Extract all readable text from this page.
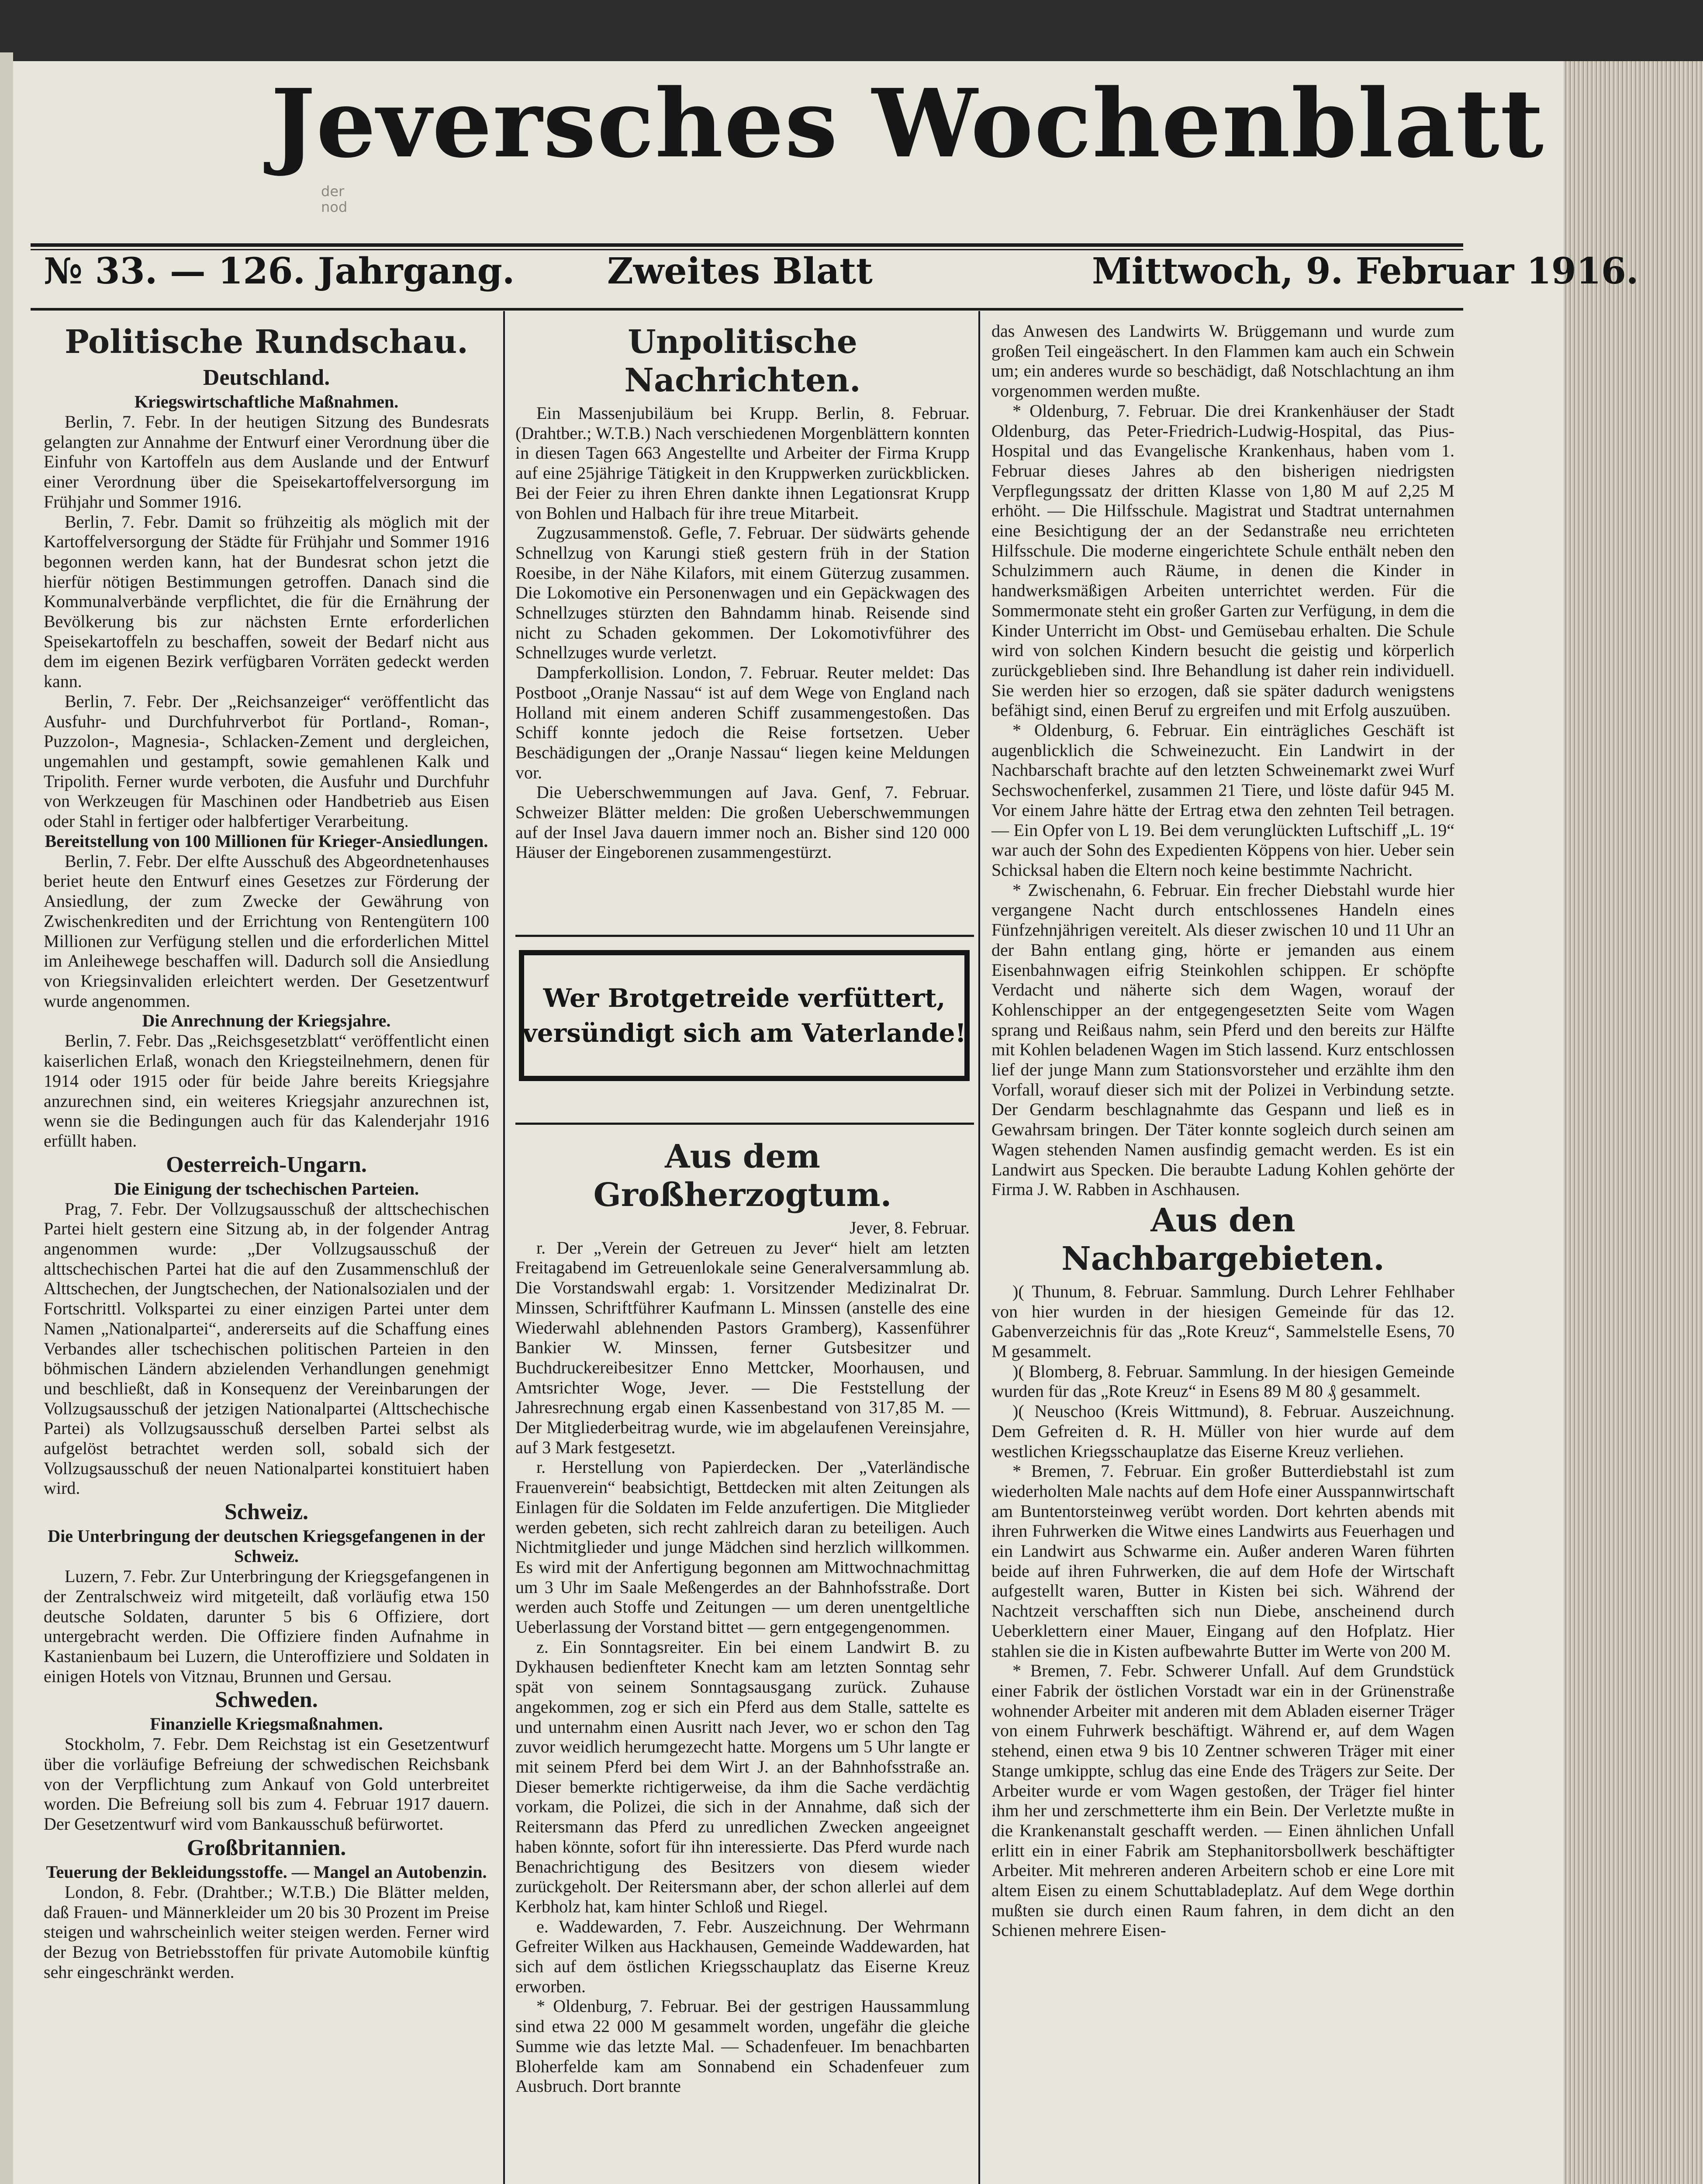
Jeversches Wochenblatt
der
nod
№ 33. — 126. Jahrgang.	Zweites Blatt	Mittwoch, 9. Februar 1916.
Politische Rundschau.
Deutschland.
Kriegswirtschaftliche Maßnahmen.

Berlin, 7. Febr. In der heutigen Sitzung des Bundesrats gelangten zur Annahme der Entwurf einer Verordnung über die Einfuhr von Kartoffeln aus dem Auslande und der Entwurf einer Verordnung über die Speisekartoffelversorgung im Frühjahr und Sommer 1916.

Berlin, 7. Febr. Damit so frühzeitig als möglich mit der Kartoffelversorgung der Städte für Frühjahr und Sommer 1916 begonnen werden kann, hat der Bundesrat schon jetzt die hierfür nötigen Bestimmungen getroffen. Danach sind die Kommunalverbände verpflichtet, die für die Ernährung der Bevölkerung bis zur nächsten Ernte erforderlichen Speisekartoffeln zu beschaffen, soweit der Bedarf nicht aus dem im eigenen Bezirk verfügbaren Vorräten gedeckt werden kann.

Berlin, 7. Febr. Der „Reichsanzeiger“ veröffentlicht das Ausfuhr- und Durchfuhrverbot für Portland-, Roman-, Puzzolon-, Magnesia-, Schlacken-Zement und dergleichen, ungemahlen und gestampft, sowie gemahlenen Kalk und Tripolith. Ferner wurde verboten, die Ausfuhr und Durchfuhr von Werkzeugen für Maschinen oder Handbetrieb aus Eisen oder Stahl in fertiger oder halbfertiger Verarbeitung.

Bereitstellung von 100 Millionen für Krieger-Ansiedlungen.

Berlin, 7. Febr. Der elfte Ausschuß des Abgeordnetenhauses beriet heute den Entwurf eines Gesetzes zur Förderung der Ansiedlung, der zum Zwecke der Gewährung von Zwischenkrediten und der Errichtung von Rentengütern 100 Millionen zur Verfügung stellen und die erforderlichen Mittel im Anleihewege beschaffen will. Dadurch soll die Ansiedlung von Kriegsinvaliden erleichtert werden. Der Gesetzentwurf wurde angenommen.

Die Anrechnung der Kriegsjahre.

Berlin, 7. Febr. Das „Reichsgesetzblatt“ veröffentlicht einen kaiserlichen Erlaß, wonach den Kriegsteilnehmern, denen für 1914 oder 1915 oder für beide Jahre bereits Kriegsjahre anzurechnen sind, ein weiteres Kriegsjahr anzurechnen ist, wenn sie die Bedingungen auch für das Kalenderjahr 1916 erfüllt haben.

Oesterreich-Ungarn.
Die Einigung der tschechischen Parteien.

Prag, 7. Febr. Der Vollzugsausschuß der alttschechischen Partei hielt gestern eine Sitzung ab, in der folgender Antrag angenommen wurde: „Der Vollzugsausschuß der alttschechischen Partei hat die auf den Zusammenschluß der Alttschechen, der Jungtschechen, der Nationalsozialen und der Fortschrittl. Volkspartei zu einer einzigen Partei unter dem Namen „Nationalpartei“, andererseits auf die Schaffung eines Verbandes aller tschechischen politischen Parteien in den böhmischen Ländern abzielenden Verhandlungen genehmigt und beschließt, daß in Konsequenz der Vereinbarungen der Vollzugsausschuß der jetzigen Nationalpartei (Alttschechische Partei) als Vollzugsausschuß derselben Partei selbst als aufgelöst betrachtet werden soll, sobald sich der Vollzugsausschuß der neuen Nationalpartei konstituiert haben wird.

Schweiz.
Die Unterbringung der deutschen Kriegsgefangenen in der Schweiz.

Luzern, 7. Febr. Zur Unterbringung der Kriegsgefangenen in der Zentralschweiz wird mitgeteilt, daß vorläufig etwa 150 deutsche Soldaten, darunter 5 bis 6 Offiziere, dort untergebracht werden. Die Offiziere finden Aufnahme in Kastanienbaum bei Luzern, die Unteroffiziere und Soldaten in einigen Hotels von Vitznau, Brunnen und Gersau.

Schweden.
Finanzielle Kriegsmaßnahmen.

Stockholm, 7. Febr. Dem Reichstag ist ein Gesetzentwurf über die vorläufige Befreiung der schwedischen Reichsbank von der Verpflichtung zum Ankauf von Gold unterbreitet worden. Die Befreiung soll bis zum 4. Februar 1917 dauern. Der Gesetzentwurf wird vom Bankausschuß befürwortet.

Großbritannien.
Teuerung der Bekleidungsstoffe. — Mangel an Autobenzin.

London, 8. Febr. (Drahtber.; W.T.B.) Die Blätter melden, daß Frauen- und Männerkleider um 20 bis 30 Prozent im Preise steigen und wahrscheinlich weiter steigen werden. Ferner wird der Bezug von Betriebsstoffen für private Automobile künftig sehr eingeschränkt werden.

Unpolitische Nachrichten.

Ein Massenjubiläum bei Krupp. Berlin, 8. Februar. (Drahtber.; W.T.B.) Nach verschiedenen Morgenblättern konnten in diesen Tagen 663 Angestellte und Arbeiter der Firma Krupp auf eine 25jährige Tätigkeit in den Kruppwerken zurückblicken. Bei der Feier zu ihren Ehren dankte ihnen Legationsrat Krupp von Bohlen und Halbach für ihre treue Mitarbeit.

Zugzusammenstoß. Gefle, 7. Februar. Der südwärts gehende Schnellzug von Karungi stieß gestern früh in der Station Roesibe, in der Nähe Kilafors, mit einem Güterzug zusammen. Die Lokomotive ein Personenwagen und ein Gepäckwagen des Schnellzuges stürzten den Bahndamm hinab. Reisende sind nicht zu Schaden gekommen. Der Lokomotivführer des Schnellzuges wurde verletzt.

Dampferkollision. London, 7. Februar. Reuter meldet: Das Postboot „Oranje Nassau“ ist auf dem Wege von England nach Holland mit einem anderen Schiff zusammengestoßen. Das Schiff konnte jedoch die Reise fortsetzen. Ueber Beschädigungen der „Oranje Nassau“ liegen keine Meldungen vor.

Die Ueberschwemmungen auf Java. Genf, 7. Februar. Schweizer Blätter melden: Die großen Ueberschwemmungen auf der Insel Java dauern immer noch an. Bisher sind 120 000 Häuser der Eingeborenen zusammengestürzt.

Wer Brotgetreide verfüttert,
versündigt sich am Vaterlande!
Aus dem Großherzogtum.

Jever, 8. Februar.

r. Der „Verein der Getreuen zu Jever“ hielt am letzten Freitagabend im Getreuenlokale seine Generalversammlung ab. Die Vorstandswahl ergab: 1. Vorsitzender Medizinalrat Dr. Minssen, Schriftführer Kaufmann L. Minssen (anstelle des eine Wiederwahl ablehnenden Pastors Gramberg), Kassenführer Bankier W. Minssen, ferner Gutsbesitzer und Buchdruckereibesitzer Enno Mettcker, Moorhausen, und Amtsrichter Woge, Jever. — Die Feststellung der Jahresrechnung ergab einen Kassenbestand von 317,85 M. — Der Mitgliederbeitrag wurde, wie im abgelaufenen Vereinsjahre, auf 3 Mark festgesetzt.

r. Herstellung von Papierdecken. Der „Vaterländische Frauenverein“ beabsichtigt, Bettdecken mit alten Zeitungen als Einlagen für die Soldaten im Felde anzufertigen. Die Mitglieder werden gebeten, sich recht zahlreich daran zu beteiligen. Auch Nichtmitglieder und junge Mädchen sind herzlich willkommen. Es wird mit der Anfertigung begonnen am Mittwochnachmittag um 3 Uhr im Saale Meßengerdes an der Bahnhofsstraße. Dort werden auch Stoffe und Zeitungen — um deren unentgeltliche Ueberlassung der Vorstand bittet — gern entgegengenommen.

z. Ein Sonntagsreiter. Ein bei einem Landwirt B. zu Dykhausen bedienfteter Knecht kam am letzten Sonntag sehr spät von seinem Sonntagsausgang zurück. Zuhause angekommen, zog er sich ein Pferd aus dem Stalle, sattelte es und unternahm einen Ausritt nach Jever, wo er schon den Tag zuvor weidlich herumgezecht hatte. Morgens um 5 Uhr langte er mit seinem Pferd bei dem Wirt J. an der Bahnhofsstraße an. Dieser bemerkte richtigerweise, da ihm die Sache verdächtig vorkam, die Polizei, die sich in der Annahme, daß sich der Reitersmann das Pferd zu unredlichen Zwecken angeeignet haben könnte, sofort für ihn interessierte. Das Pferd wurde nach Benachrichtigung des Besitzers von diesem wieder zurückgeholt. Der Reitersmann aber, der schon allerlei auf dem Kerbholz hat, kam hinter Schloß und Riegel.

e. Waddewarden, 7. Febr. Auszeichnung. Der Wehrmann Gefreiter Wilken aus Hackhausen, Gemeinde Waddewarden, hat sich auf dem östlichen Kriegsschauplatz das Eiserne Kreuz erworben.

* Oldenburg, 7. Februar. Bei der gestrigen Haussammlung sind etwa 22 000 M gesammelt worden, ungefähr die gleiche Summe wie das letzte Mal. — Schadenfeuer. Im benachbarten Bloherfelde kam am Sonnabend ein Schadenfeuer zum Ausbruch. Dort brannte

das Anwesen des Landwirts W. Brüggemann und wurde zum großen Teil eingeäschert. In den Flammen kam auch ein Schwein um; ein anderes wurde so beschädigt, daß Notschlachtung an ihm vorgenommen werden mußte.

* Oldenburg, 7. Februar. Die drei Krankenhäuser der Stadt Oldenburg, das Peter-Friedrich-Ludwig-Hospital, das Pius-Hospital und das Evangelische Krankenhaus, haben vom 1. Februar dieses Jahres ab den bisherigen niedrigsten Verpflegungssatz der dritten Klasse von 1,80 M auf 2,25 M erhöht. — Die Hilfsschule. Magistrat und Stadtrat unternahmen eine Besichtigung der an der Sedanstraße neu errichteten Hilfsschule. Die moderne eingerichtete Schule enthält neben den Schulzimmern auch Räume, in denen die Kinder in handwerksmäßigen Arbeiten unterrichtet werden. Für die Sommermonate steht ein großer Garten zur Verfügung, in dem die Kinder Unterricht im Obst- und Gemüsebau erhalten. Die Schule wird von solchen Kindern besucht die geistig und körperlich zurückgeblieben sind. Ihre Behandlung ist daher rein individuell. Sie werden hier so erzogen, daß sie später dadurch wenigstens befähigt sind, einen Beruf zu ergreifen und mit Erfolg auszuüben.

* Oldenburg, 6. Februar. Ein einträgliches Geschäft ist augenblicklich die Schweinezucht. Ein Landwirt in der Nachbarschaft brachte auf den letzten Schweinemarkt zwei Wurf Sechswochenferkel, zusammen 21 Tiere, und löste dafür 945 M. Vor einem Jahre hätte der Ertrag etwa den zehnten Teil betragen. — Ein Opfer von L 19. Bei dem verunglückten Luftschiff „L. 19“ war auch der Sohn des Expedienten Köppens von hier. Ueber sein Schicksal haben die Eltern noch keine bestimmte Nachricht.

* Zwischenahn, 6. Februar. Ein frecher Diebstahl wurde hier vergangene Nacht durch entschlossenes Handeln eines Fünfzehnjährigen vereitelt. Als dieser zwischen 10 und 11 Uhr an der Bahn entlang ging, hörte er jemanden aus einem Eisenbahnwagen eifrig Steinkohlen schippen. Er schöpfte Verdacht und näherte sich dem Wagen, worauf der Kohlenschipper an der entgegengesetzten Seite vom Wagen sprang und Reißaus nahm, sein Pferd und den bereits zur Hälfte mit Kohlen beladenen Wagen im Stich lassend. Kurz entschlossen lief der junge Mann zum Stationsvorsteher und erzählte ihm den Vorfall, worauf dieser sich mit der Polizei in Verbindung setzte. Der Gendarm beschlagnahmte das Gespann und ließ es in Gewahrsam bringen. Der Täter konnte sogleich durch seinen am Wagen stehenden Namen ausfindig gemacht werden. Es ist ein Landwirt aus Specken. Die beraubte Ladung Kohlen gehörte der Firma J. W. Rabben in Aschhausen.

Aus den Nachbargebieten.

)( Thunum, 8. Februar. Sammlung. Durch Lehrer Fehlhaber von hier wurden in der hiesigen Gemeinde für das 12. Gabenverzeichnis für das „Rote Kreuz“, Sammelstelle Esens, 70 M gesammelt.

)( Blomberg, 8. Februar. Sammlung. In der hiesigen Gemeinde wurden für das „Rote Kreuz“ in Esens 89 M 80 ₰ gesammelt.

)( Neuschoo (Kreis Wittmund), 8. Februar. Auszeichnung. Dem Gefreiten d. R. H. Müller von hier wurde auf dem westlichen Kriegsschauplatze das Eiserne Kreuz verliehen.

* Bremen, 7. Februar. Ein großer Butterdiebstahl ist zum wiederholten Male nachts auf dem Hofe einer Ausspannwirtschaft am Buntentorsteinweg verübt worden. Dort kehrten abends mit ihren Fuhrwerken die Witwe eines Landwirts aus Feuerhagen und ein Landwirt aus Schwarme ein. Außer anderen Waren führten beide auf ihren Fuhrwerken, die auf dem Hofe der Wirtschaft aufgestellt waren, Butter in Kisten bei sich. Während der Nachtzeit verschafften sich nun Diebe, anscheinend durch Ueberklettern einer Mauer, Eingang auf den Hofplatz. Hier stahlen sie die in Kisten aufbewahrte Butter im Werte von 200 M.

* Bremen, 7. Febr. Schwerer Unfall. Auf dem Grundstück einer Fabrik der östlichen Vorstadt war ein in der Grünenstraße wohnender Arbeiter mit anderen mit dem Abladen eiserner Träger von einem Fuhrwerk beschäftigt. Während er, auf dem Wagen stehend, einen etwa 9 bis 10 Zentner schweren Träger mit einer Stange umkippte, schlug das eine Ende des Trägers zur Seite. Der Arbeiter wurde er vom Wagen gestoßen, der Träger fiel hinter ihm her und zerschmetterte ihm ein Bein. Der Verletzte mußte in die Krankenanstalt geschafft werden. — Einen ähnlichen Unfall erlitt ein in einer Fabrik am Stephanitorsbollwerk beschäftigter Arbeiter. Mit mehreren anderen Arbeitern schob er eine Lore mit altem Eisen zu einem Schuttabladeplatz. Auf dem Wege dorthin mußten sie durch einen Raum fahren, in dem dicht an den Schienen mehrere Eisen-
